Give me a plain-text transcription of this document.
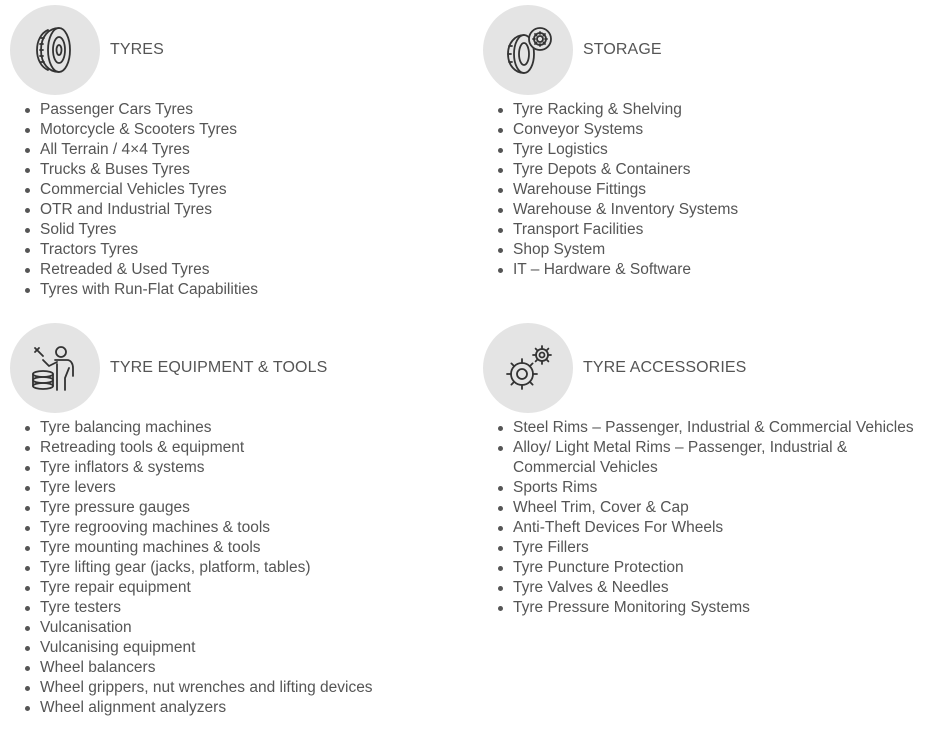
TYRES
Passenger Cars Tyres
Motorcycle & Scooters Tyres
All Terrain / 4×4 Tyres
Trucks & Buses Tyres
Commercial Vehicles Tyres
OTR and Industrial Tyres
Solid Tyres
Tractors Tyres
Retreaded & Used Tyres
Tyres with Run-Flat Capabilities
STORAGE
Tyre Racking & Shelving
Conveyor Systems
Tyre Logistics
Tyre Depots & Containers
Warehouse Fittings
Warehouse & Inventory Systems
Transport Facilities
Shop System
IT – Hardware & Software
TYRE EQUIPMENT & TOOLS
Tyre balancing machines
Retreading tools & equipment
Tyre inflators & systems
Tyre levers
Tyre pressure gauges
Tyre regrooving machines & tools
Tyre mounting machines & tools
Tyre lifting gear (jacks, platform, tables)
Tyre repair equipment
Tyre testers
Vulcanisation
Vulcanising equipment
Wheel balancers
Wheel grippers, nut wrenches and lifting devices
Wheel alignment analyzers
TYRE ACCESSORIES
Steel Rims – Passenger, Industrial & Commercial Vehicles
Alloy/ Light Metal Rims – Passenger, Industrial & Commercial Vehicles
Sports Rims
Wheel Trim, Cover & Cap
Anti-Theft Devices For Wheels
Tyre Fillers
Tyre Puncture Protection
Tyre Valves & Needles
Tyre Pressure Monitoring Systems
